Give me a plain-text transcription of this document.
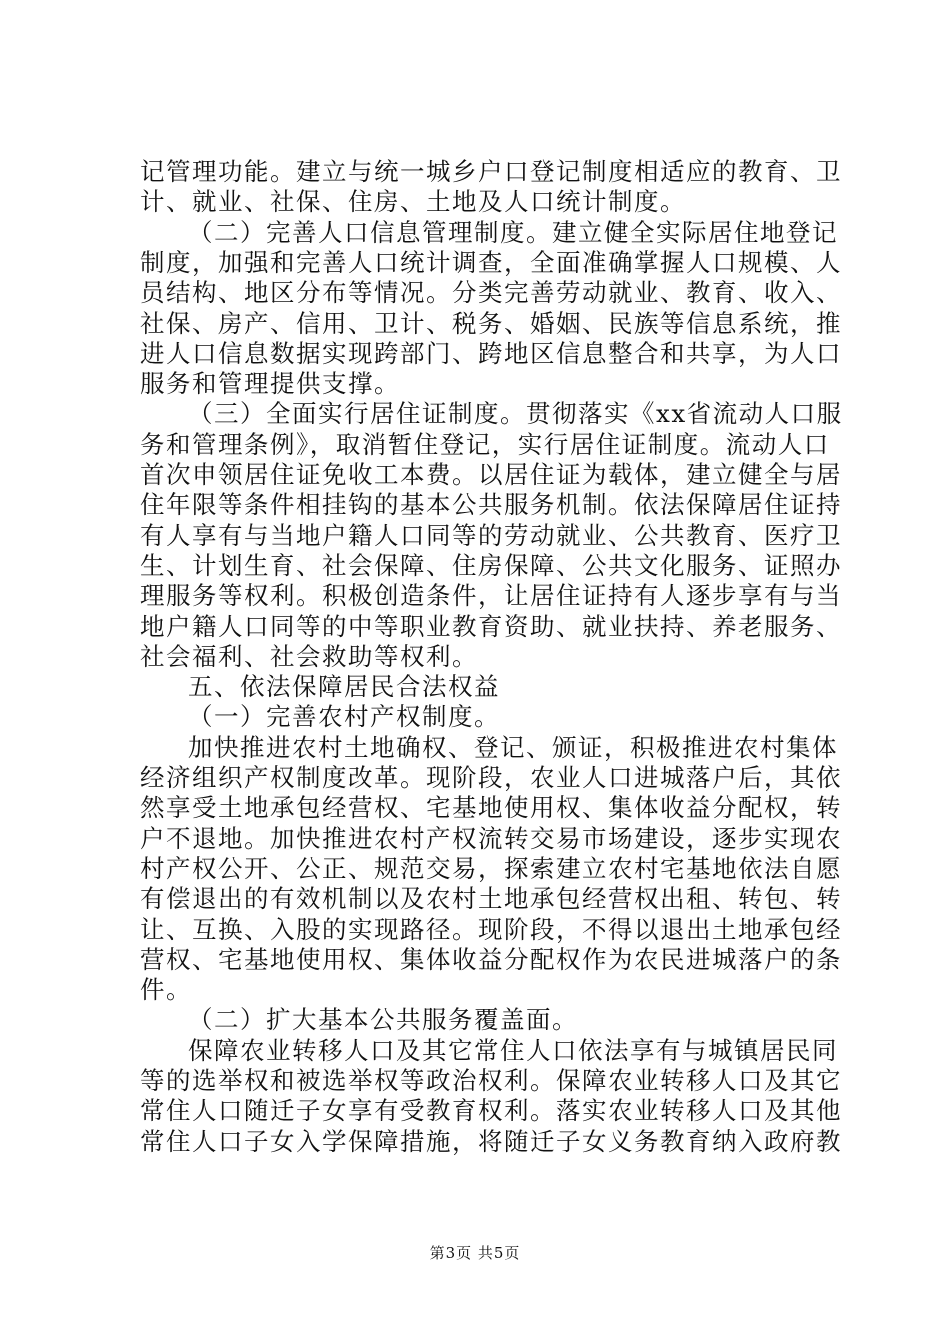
记管理功能。建立与统一城乡户口登记制度相适应的教育、卫
计、就业、社保、住房、土地及人口统计制度。
（二）完善人口信息管理制度。建立健全实际居住地登记
制度，加强和完善人口统计调查，全面准确掌握人口规模、人
员结构、地区分布等情况。分类完善劳动就业、教育、收入、
社保、房产、信用、卫计、税务、婚姻、民族等信息系统，推
进人口信息数据实现跨部门、跨地区信息整合和共享，为人口
服务和管理提供支撑。
（三）全面实行居住证制度。贯彻落实《xx省流动人口服
务和管理条例》，取消暂住登记，实行居住证制度。流动人口
首次申领居住证免收工本费。以居住证为载体，建立健全与居
住年限等条件相挂钩的基本公共服务机制。依法保障居住证持
有人享有与当地户籍人口同等的劳动就业、公共教育、医疗卫
生、计划生育、社会保障、住房保障、公共文化服务、证照办
理服务等权利。积极创造条件，让居住证持有人逐步享有与当
地户籍人口同等的中等职业教育资助、就业扶持、养老服务、
社会福利、社会救助等权利。
五、依法保障居民合法权益
（一）完善农村产权制度。
加快推进农村土地确权、登记、颁证，积极推进农村集体
经济组织产权制度改革。现阶段，农业人口进城落户后，其依
然享受土地承包经营权、宅基地使用权、集体收益分配权，转
户不退地。加快推进农村产权流转交易市场建设，逐步实现农
村产权公开、公正、规范交易，探索建立农村宅基地依法自愿
有偿退出的有效机制以及农村土地承包经营权出租、转包、转
让、互换、入股的实现路径。现阶段，不得以退出土地承包经
营权、宅基地使用权、集体收益分配权作为农民进城落户的条
件。
（二）扩大基本公共服务覆盖面。
保障农业转移人口及其它常住人口依法享有与城镇居民同
等的选举权和被选举权等政治权利。保障农业转移人口及其它
常住人口随迁子女享有受教育权利。落实农业转移人口及其他
常住人口子女入学保障措施，将随迁子女义务教育纳入政府教
第3页 共5页
